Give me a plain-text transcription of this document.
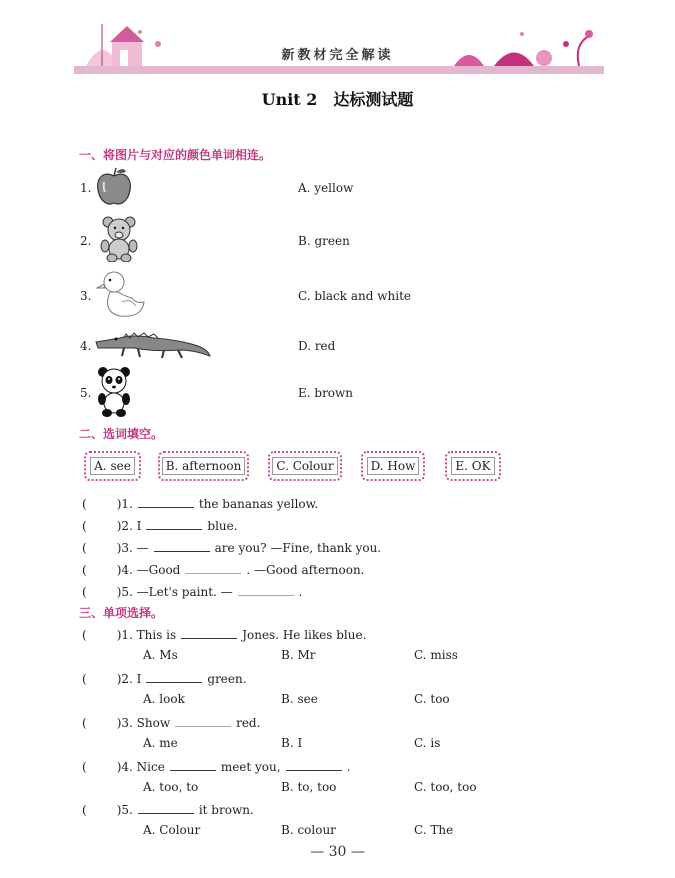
新教材完全解读
Unit 2　达标测试题
一、将图片与对应的颜色单词相连。
1.
2.
3.
4.
5.
A. yellow
B. green
C. black and white
D. red
E. brown
二、选词填空。
A. see	B. afternoon	C. Colour	D. How	E. OK
(	)1.	the bananas yellow.
(	)2. I	blue.
(	)3. —	are you? —Fine, thank you.
(	)4. —Good	. —Good afternoon.
(	)5. —Let's paint. —	.
三、单项选择。
(	)1. This is	Jones. He likes blue.
A. Ms	B. Mr	C. miss
(	)2. I	green.
A. look	B. see	C. too
(	)3. Show	red.
A. me	B. I	C. is
(	)4. Nice	meet you,	.
A. too, to	B. to, too	C. too, too
(	)5.	it brown.
A. Colour	B. colour	C. The
— 30 —
